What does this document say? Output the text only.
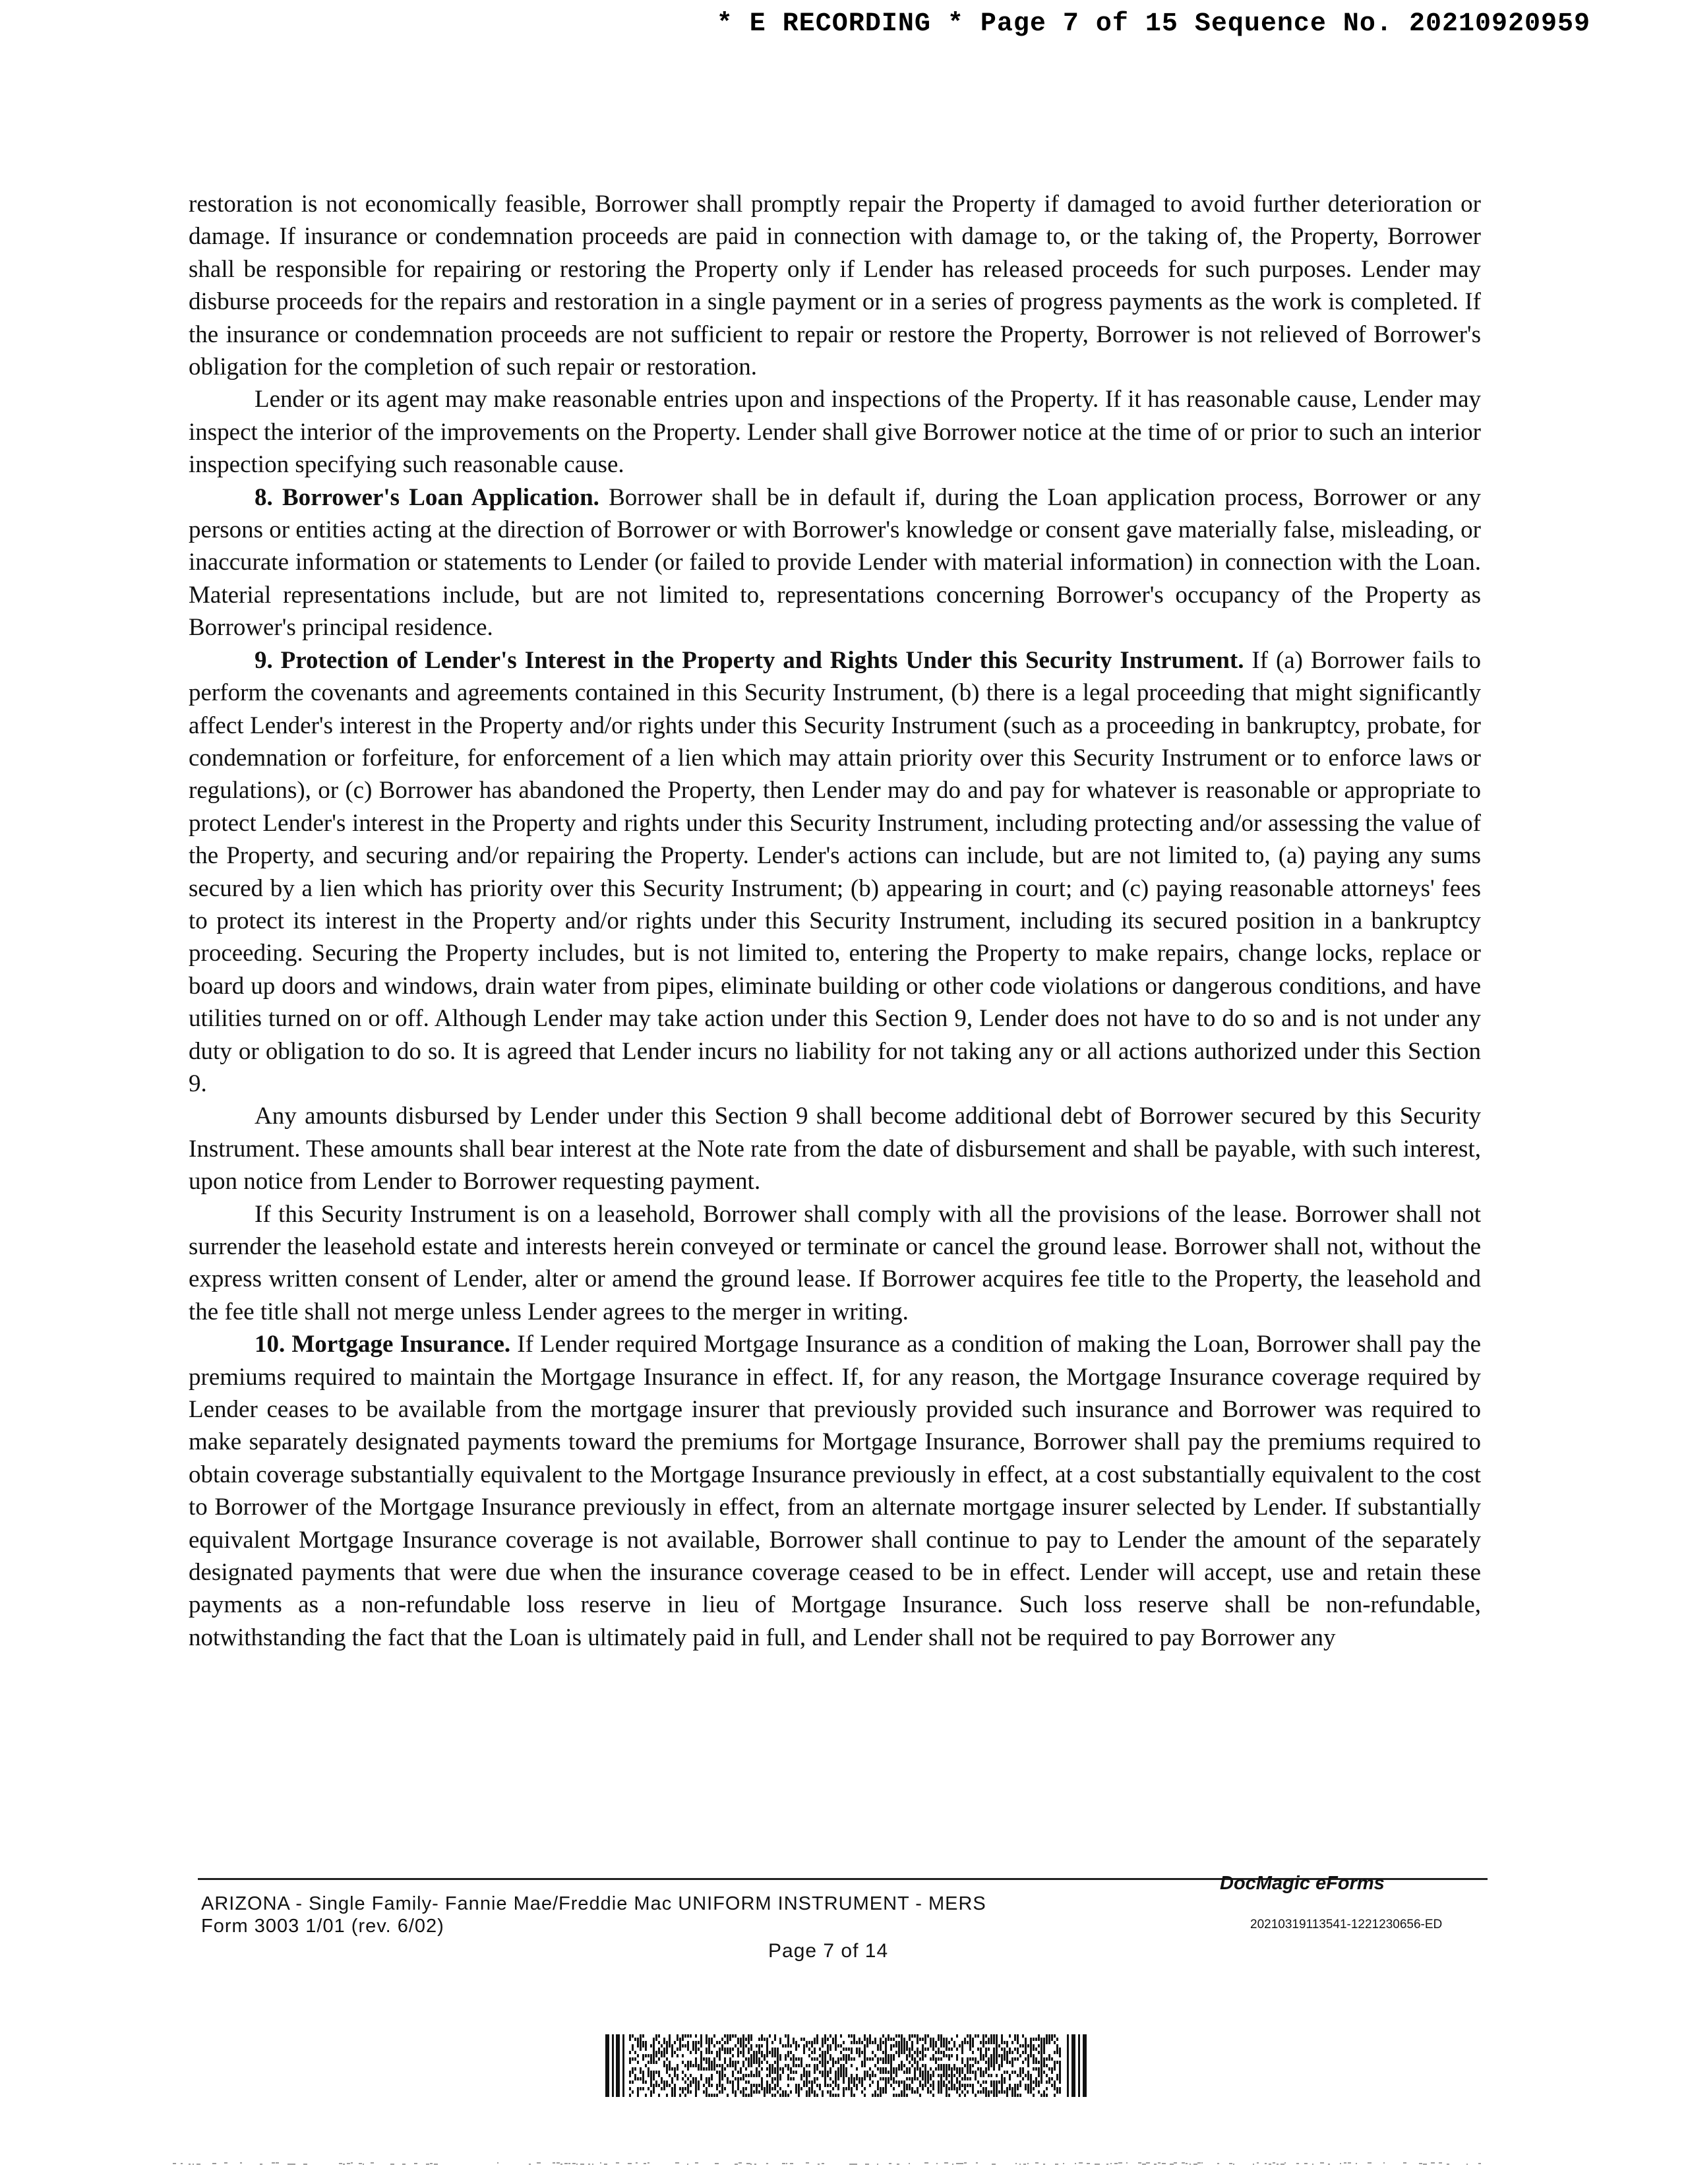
* E RECORDING * Page 7 of 15 Sequence No. 20210920959

restoration is not economically feasible, Borrower shall promptly repair the Property if damaged to avoid further deterioration or damage. If insurance or condemnation proceeds are paid in connection with damage to, or the taking of, the Property, Borrower shall be responsible for repairing or restoring the Property only if Lender has released proceeds for such purposes. Lender may disburse proceeds for the repairs and restoration in a single payment or in a series of progress payments as the work is completed. If the insurance or condemnation proceeds are not sufficient to repair or restore the Property, Borrower is not relieved of Borrower's obligation for the completion of such repair or restoration.

Lender or its agent may make reasonable entries upon and inspections of the Property. If it has reasonable cause, Lender may inspect the interior of the improvements on the Property. Lender shall give Borrower notice at the time of or prior to such an interior inspection specifying such reasonable cause.

8. Borrower's Loan Application. Borrower shall be in default if, during the Loan application process, Borrower or any persons or entities acting at the direction of Borrower or with Borrower's knowledge or consent gave materially false, misleading, or inaccurate information or statements to Lender (or failed to provide Lender with material information) in connection with the Loan. Material representations include, but are not limited to, representations concerning Borrower's occupancy of the Property as Borrower's principal residence.

9. Protection of Lender's Interest in the Property and Rights Under this Security Instrument. If (a) Borrower fails to perform the covenants and agreements contained in this Security Instrument, (b) there is a legal proceeding that might significantly affect Lender's interest in the Property and/or rights under this Security Instrument (such as a proceeding in bankruptcy, probate, for condemnation or forfeiture, for enforcement of a lien which may attain priority over this Security Instrument or to enforce laws or regulations), or (c) Borrower has abandoned the Property, then Lender may do and pay for whatever is reasonable or appropriate to protect Lender's interest in the Property and rights under this Security Instrument, including protecting and/or assessing the value of the Property, and securing and/or repairing the Property. Lender's actions can include, but are not limited to, (a) paying any sums secured by a lien which has priority over this Security Instrument; (b) appearing in court; and (c) paying reasonable attorneys' fees to protect its interest in the Property and/or rights under this Security Instrument, including its secured position in a bankruptcy proceeding. Securing the Property includes, but is not limited to, entering the Property to make repairs, change locks, replace or board up doors and windows, drain water from pipes, eliminate building or other code violations or dangerous conditions, and have utilities turned on or off. Although Lender may take action under this Section 9, Lender does not have to do so and is not under any duty or obligation to do so. It is agreed that Lender incurs no liability for not taking any or all actions authorized under this Section 9.

Any amounts disbursed by Lender under this Section 9 shall become additional debt of Borrower secured by this Security Instrument. These amounts shall bear interest at the Note rate from the date of disbursement and shall be payable, with such interest, upon notice from Lender to Borrower requesting payment.

If this Security Instrument is on a leasehold, Borrower shall comply with all the provisions of the lease. Borrower shall not surrender the leasehold estate and interests herein conveyed or terminate or cancel the ground lease. Borrower shall not, without the express written consent of Lender, alter or amend the ground lease. If Borrower acquires fee title to the Property, the leasehold and the fee title shall not merge unless Lender agrees to the merger in writing.

10. Mortgage Insurance. If Lender required Mortgage Insurance as a condition of making the Loan, Borrower shall pay the premiums required to maintain the Mortgage Insurance in effect. If, for any reason, the Mortgage Insurance coverage required by Lender ceases to be available from the mortgage insurer that previously provided such insurance and Borrower was required to make separately designated payments toward the premiums for Mortgage Insurance, Borrower shall pay the premiums required to obtain coverage substantially equivalent to the Mortgage Insurance previously in effect, at a cost substantially equivalent to the cost to Borrower of the Mortgage Insurance previously in effect, from an alternate mortgage insurer selected by Lender. If substantially equivalent Mortgage Insurance coverage is not available, Borrower shall continue to pay to Lender the amount of the separately designated payments that were due when the insurance coverage ceased to be in effect. Lender will accept, use and retain these payments as a non-refundable loss reserve in lieu of Mortgage Insurance. Such loss reserve shall be non-refundable, notwithstanding the fact that the Loan is ultimately paid in full, and Lender shall not be required to pay Borrower any

DocMagic eForms
ARIZONA - Single Family- Fannie Mae/Freddie Mac UNIFORM INSTRUMENT - MERS
Form 3003 1/01 (rev. 6/02)	20210319113541-1221230656-ED
Page 7 of 14
